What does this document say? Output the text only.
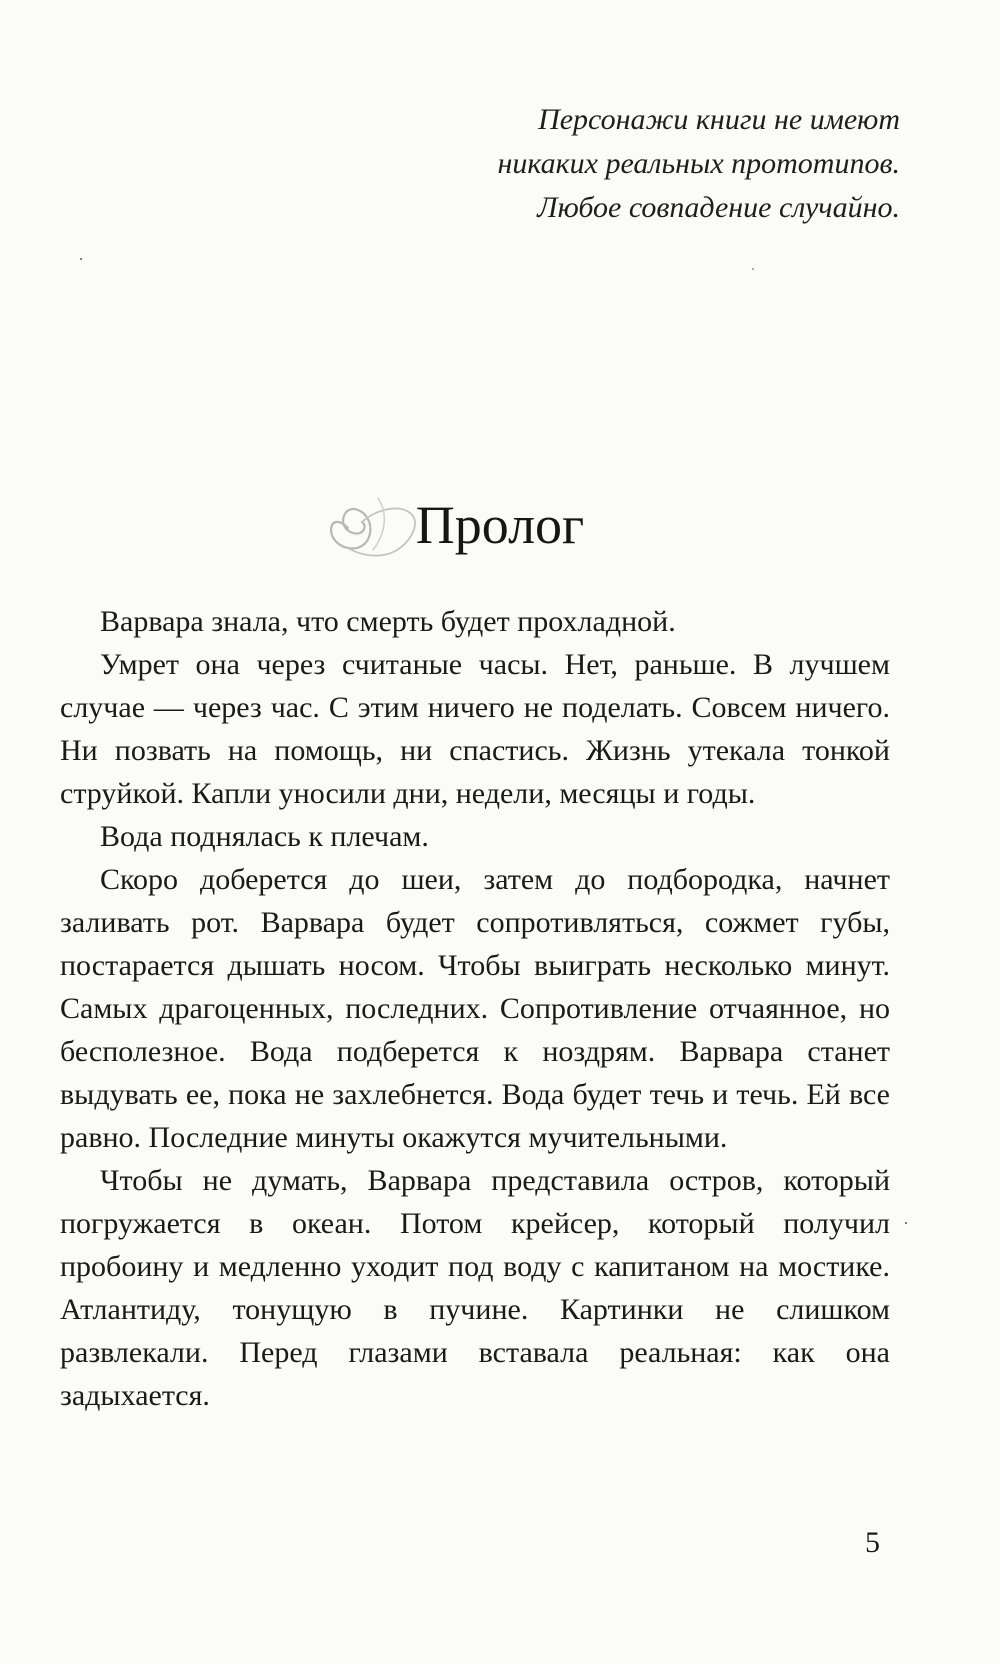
Персонажи книги не имеют
никаких реальных прототипов.
Любое совпадение случайно.
Пролог

Варвара знала, что смерть будет прохладной.

Умрет она через считаные часы. Нет, раньше. В лучшем случае — через час. С этим ничего не поделать. Совсем ничего. Ни позвать на помощь, ни спастись. Жизнь утекала тонкой струйкой. Капли уносили дни, недели, месяцы и годы.

Вода поднялась к плечам.

Скоро доберется до шеи, затем до подбородка, начнет заливать рот. Варвара будет сопротивляться, сожмет губы, постарается дышать носом. Чтобы выиграть несколько минут. Самых драгоценных, последних. Сопротивление отчаянное, но бесполезное. Вода подберется к ноздрям. Варвара станет выдувать ее, пока не захлебнется. Вода будет течь и течь. Ей все равно. Последние минуты окажутся мучительными.

Чтобы не думать, Варвара представила остров, который погружается в океан. Потом крейсер, который получил пробоину и медленно уходит под воду с капитаном на мостике. Атлантиду, тонущую в пучине. Картинки не слишком развлекали. Перед глазами вставала реальная: как она задыхается.

5
